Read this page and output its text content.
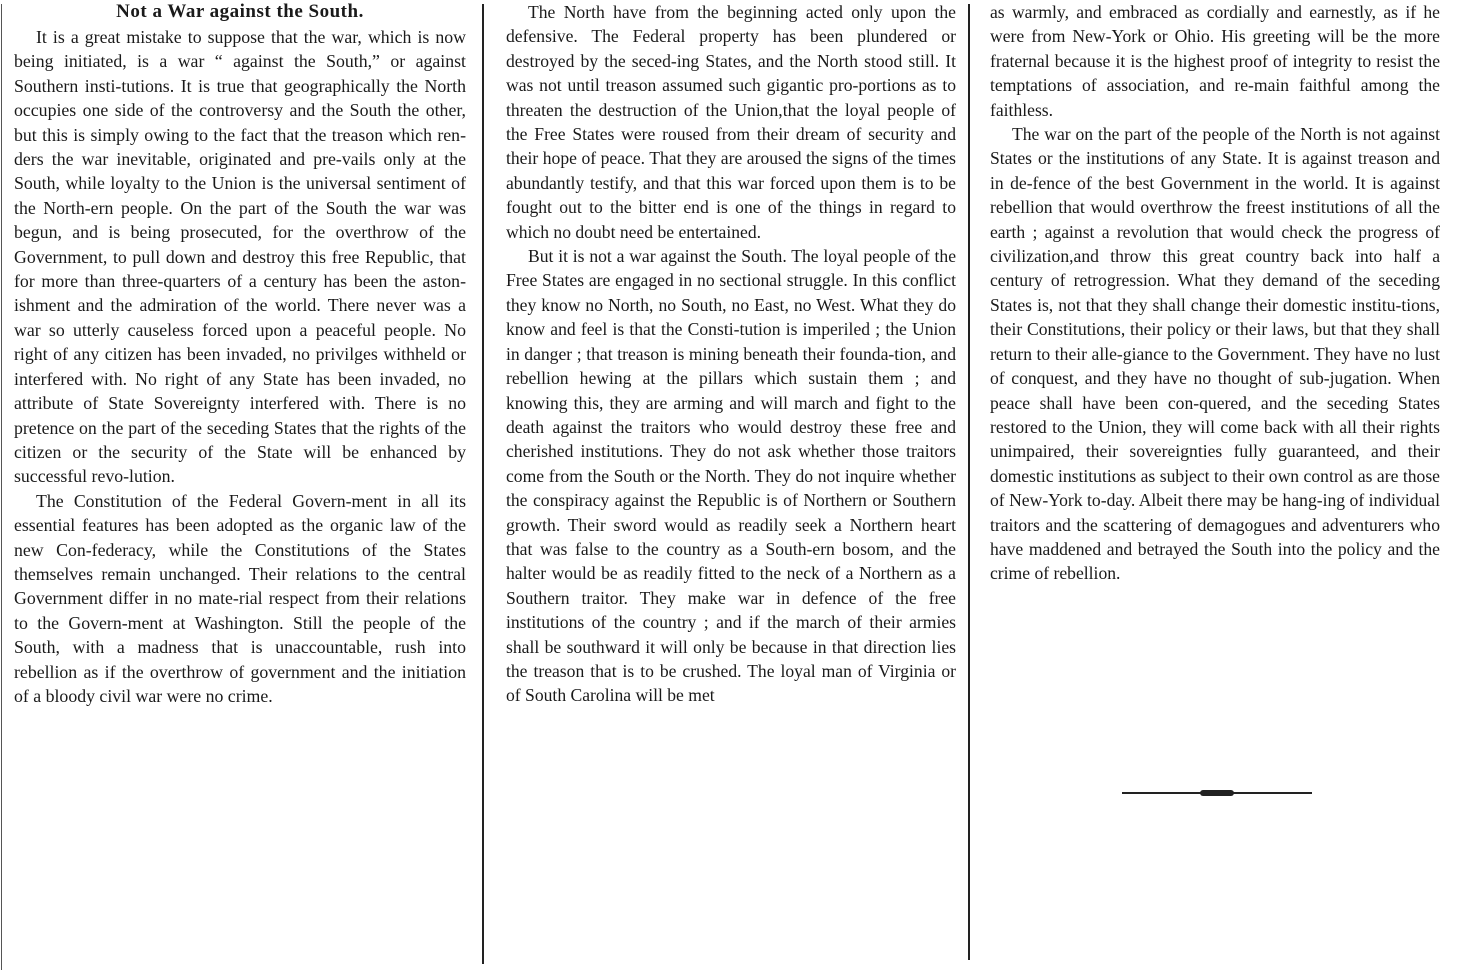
Not a War against the South.

It is a great mistake to suppose that the war, which is now being initiated, is a war “ against the South,” or against Southern insti-tutions. It is true that geographically the North occupies one side of the controversy and the South the other, but this is simply owing to the fact that the treason which ren-ders the war inevitable, originated and pre-vails only at the South, while loyalty to the Union is the universal sentiment of the North-ern people. On the part of the South the war was begun, and is being prosecuted, for the overthrow of the Government, to pull down and destroy this free Republic, that for more than three-quarters of a century has been the aston-ishment and the admiration of the world. There never was a war so utterly causeless forced upon a peaceful people. No right of any citizen has been invaded, no privilges withheld or interfered with. No right of any State has been invaded, no attribute of State Sovereignty interfered with. There is no pretence on the part of the seceding States that the rights of the citizen or the security of the State will be enhanced by successful revo-lution.

The Constitution of the Federal Govern-ment in all its essential features has been adopted as the organic law of the new Con-federacy, while the Constitutions of the States themselves remain unchanged. Their relations to the central Government differ in no mate-rial respect from their relations to the Govern-ment at Washington. Still the people of the South, with a madness that is unaccountable, rush into rebellion as if the overthrow of government and the initiation of a bloody civil war were no crime.

The North have from the beginning acted only upon the defensive. The Federal property has been plundered or destroyed by the seced-ing States, and the North stood still. It was not until treason assumed such gigantic pro-portions as to threaten the destruction of the Union,that the loyal people of the Free States were roused from their dream of security and their hope of peace. That they are aroused the signs of the times abundantly testify, and that this war forced upon them is to be fought out to the bitter end is one of the things in regard to which no doubt need be entertained.

But it is not a war against the South. The loyal people of the Free States are engaged in no sectional struggle. In this conflict they know no North, no South, no East, no West. What they do know and feel is that the Consti-tution is imperiled ; the Union in danger ; that treason is mining beneath their founda-tion, and rebellion hewing at the pillars which sustain them ; and knowing this, they are arming and will march and fight to the death against the traitors who would destroy these free and cherished institutions. They do not ask whether those traitors come from the South or the North. They do not inquire whether the conspiracy against the Republic is of Northern or Southern growth. Their sword would as readily seek a Northern heart that was false to the country as a South-ern bosom, and the halter would be as readily fitted to the neck of a Northern as a Southern traitor. They make war in defence of the free institutions of the country ; and if the march of their armies shall be southward it will only be because in that direction lies the treason that is to be crushed. The loyal man of Virginia or of South Carolina will be met

as warmly, and embraced as cordially and earnestly, as if he were from New-York or Ohio. His greeting will be the more fraternal because it is the highest proof of integrity to resist the temptations of association, and re-main faithful among the faithless.

The war on the part of the people of the North is not against States or the institutions of any State. It is against treason and in de-fence of the best Government in the world. It is against rebellion that would overthrow the freest institutions of all the earth ; against a revolution that would check the progress of civilization,and throw this great country back into half a century of retrogression. What they demand of the seceding States is, not that they shall change their domestic institu-tions, their Constitutions, their policy or their laws, but that they shall return to their alle-giance to the Government. They have no lust of conquest, and they have no thought of sub-jugation. When peace shall have been con-quered, and the seceding States restored to the Union, they will come back with all their rights unimpaired, their sovereignties fully guaranteed, and their domestic institutions as subject to their own control as are those of New-York to-day. Albeit there may be hang-ing of individual traitors and the scattering of demagogues and adventurers who have maddened and betrayed the South into the policy and the crime of rebellion.
